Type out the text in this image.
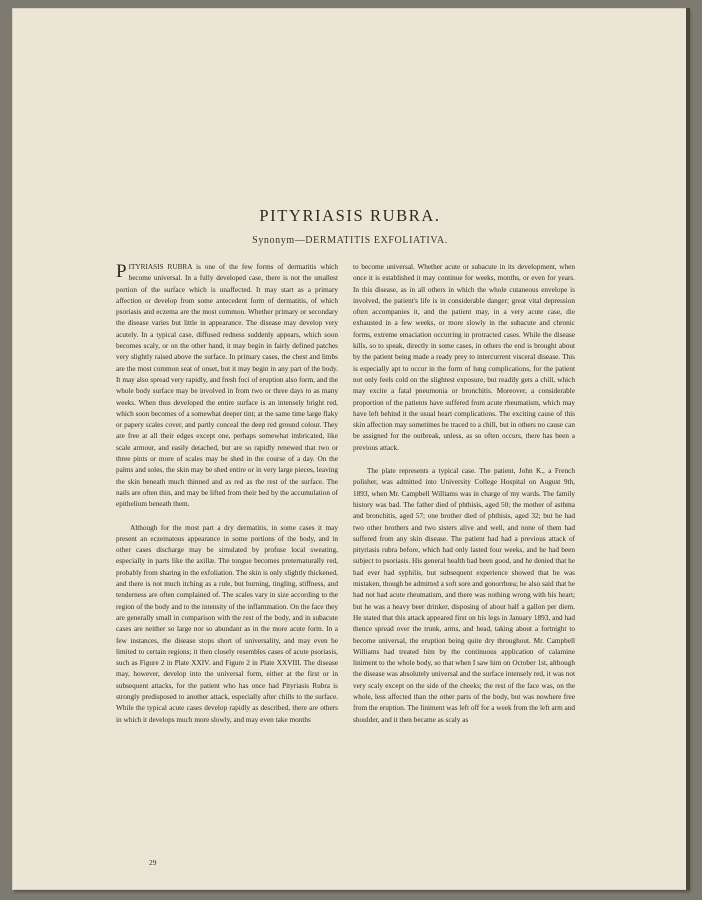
PITYRIASIS RUBRA.
Synonym—DERMATITIS EXFOLIATIVA.

PITYRIASIS RUBRA is one of the few forms of dermatitis which become universal. In a fully developed case, there is not the smallest portion of the surface which is unaffected. It may start as a primary affection or develop from some antecedent form of dermatitis, of which psoriasis and eczema are the most common. Whether primary or secondary the disease varies but little in appearance. The disease may develop very acutely. In a typical case, diffused redness suddenly appears, which soon becomes scaly, or on the other hand, it may begin in fairly defined patches very slightly raised above the surface. In primary cases, the chest and limbs are the most common seat of onset, but it may begin in any part of the body. It may also spread very rapidly, and fresh foci of eruption also form, and the whole body surface may be involved in from two or three days to as many weeks. When thus developed the entire surface is an intensely bright red, which soon becomes of a somewhat deeper tint; at the same time large flaky or papery scales cover, and partly conceal the deep red ground colour. They are free at all their edges except one, perhaps somewhat imbricated, like scale armour, and easily detached, but are so rapidly renewed that two or three pints or more of scales may be shed in the course of a day. On the palms and soles, the skin may be shed entire or in very large pieces, leaving the skin beneath much thinned and as red as the rest of the surface. The nails are often thin, and may be lifted from their bed by the accumulation of epithelium beneath them.

Although for the most part a dry dermatitis, in some cases it may present an eczematous appearance in some portions of the body, and in other cases discharge may be simulated by profuse local sweating, especially in parts like the axillæ. The tongue becomes preternaturally red, probably from sharing in the exfoliation. The skin is only slightly thickened, and there is not much itching as a rule, but burning, tingling, stiffness, and tenderness are often complained of. The scales vary in size according to the region of the body and to the intensity of the inflammation. On the face they are generally small in comparison with the rest of the body, and in subacute cases are neither so large nor so abundant as in the more acute form. In a few instances, the disease stops short of universality, and may even be limited to certain regions; it then closely resembles cases of acute psoriasis, such as Figure 2 in Plate XXIV. and Figure 2 in Plate XXVIII. The disease may, however, develop into the universal form, either at the first or in subsequent attacks, for the patient who has once had Pityriasis Rubra is strongly predisposed to another attack, especially after chills to the surface. While the typical acute cases develop rapidly as described, there are others in which it develops much more slowly, and may even take months

to become universal. Whether acute or subacute in its development, when once it is established it may continue for weeks, months, or even for years. In this disease, as in all others in which the whole cutaneous envelope is involved, the patient's life is in considerable danger; great vital depression often accompanies it, and the patient may, in a very acute case, die exhausted in a few weeks, or more slowly in the subacute and chronic forms, extreme emaciation occurring in protracted cases. While the disease kills, so to speak, directly in some cases, in others the end is brought about by the patient being made a ready prey to intercurrent visceral disease. This is especially apt to occur in the form of lung complications, for the patient not only feels cold on the slightest exposure, but readily gets a chill, which may excite a fatal pneumonia or bronchitis. Moreover, a considerable proportion of the patients have suffered from acute rheumatism, which may have left behind it the usual heart complications. The exciting cause of this skin affection may sometimes be traced to a chill, but in others no cause can be assigned for the outbreak, unless, as so often occurs, there has been a previous attack.

The plate represents a typical case. The patient, John K., a French polisher, was admitted into University College Hospital on August 9th, 1893, when Mr. Campbell Williams was in charge of my wards. The family history was bad. The father died of phthisis, aged 50; the mother of asthma and bronchitis, aged 57; one brother died of phthisis, aged 32; but he had two other brothers and two sisters alive and well, and none of them had suffered from any skin disease. The patient had had a previous attack of pityriasis rubra before, which had only lasted four weeks, and he had been subject to psoriasis. His general health had been good, and he denied that he had ever had syphilis, but subsequent experience showed that he was mistaken, though he admitted a soft sore and gonorrhœa; he also said that he had not had acute rheumatism, and there was nothing wrong with his heart; but he was a heavy beer drinker, disposing of about half a gallon per diem. He stated that this attack appeared first on his legs in January 1893, and had thence spread over the trunk, arms, and head, taking about a fortnight to become universal, the eruption being quite dry throughout. Mr. Campbell Williams had treated him by the continuous application of calamine liniment to the whole body, so that when I saw him on October 1st, although the disease was absolutely universal and the surface intensely red, it was not very scaly except on the side of the cheeks; the rest of the face was, on the whole, less affected than the other parts of the body, but was nowhere free from the eruption. The liniment was left off for a week from the left arm and shoulder, and it then became as scaly as

29
